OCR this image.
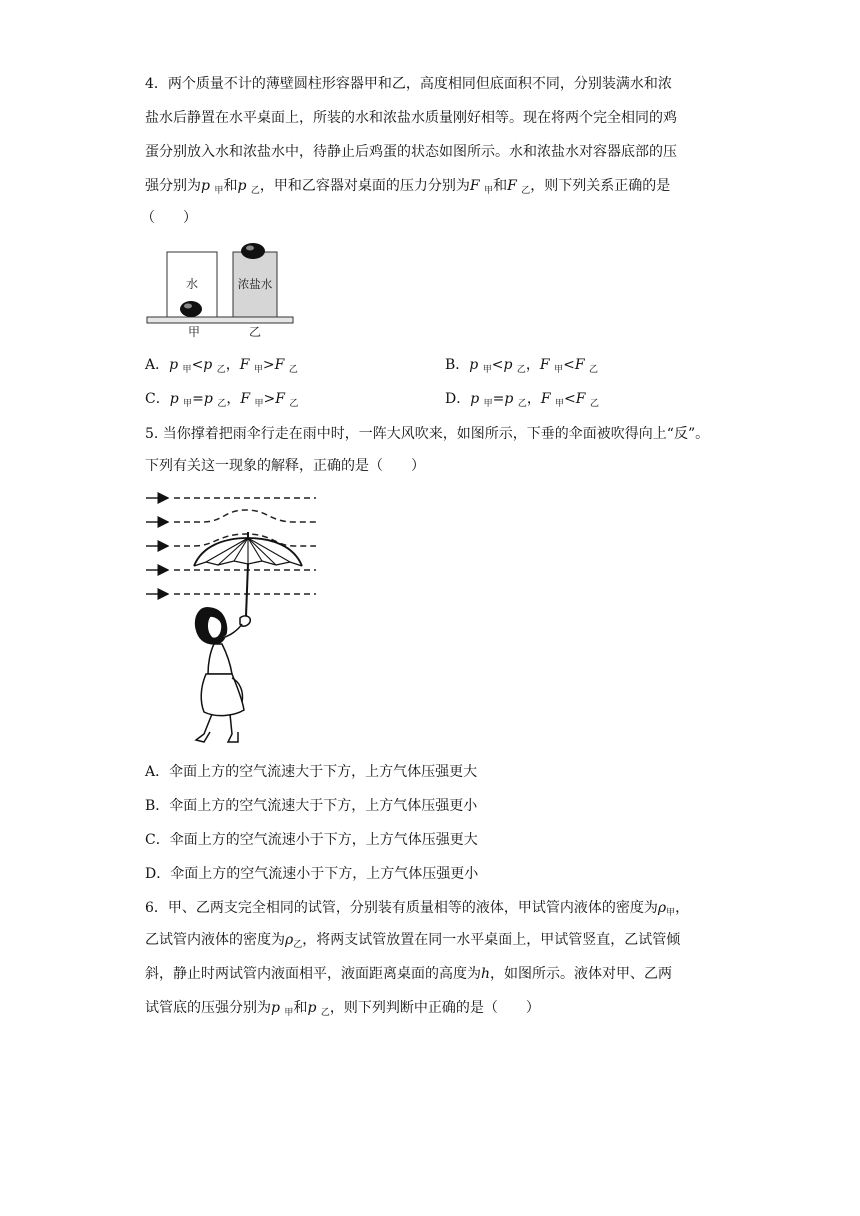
4．两个质量不计的薄壁圆柱形容器甲和乙，高度相同但底面积不同，分别装满水和浓
盐水后静置在水平桌面上，所装的水和浓盐水质量刚好相等。现在将两个完全相同的鸡
蛋分别放入水和浓盐水中，待静止后鸡蛋的状态如图所示。水和浓盐水对容器底部的压
强分别为p $_甲$和p $_乙$，甲和乙容器对桌面的压力分别为F $_甲$和F $_乙$，则下列关系正确的是
（　　）
水	浓盐水
甲	乙
A．p $_甲$<p $_乙$，F $_甲$>F $_乙$	B．p $_甲$<p $_乙$，F $_甲$<F $_乙$
C．p $_甲$=p $_乙$，F $_甲$>F $_乙$	D．p $_甲$=p $_乙$，F $_甲$<F $_乙$
5. 当你撑着把雨伞行走在雨中时，一阵大风吹来，如图所示，下垂的伞面被吹得向上“反”。
下列有关这一现象的解释，正确的是（　　）
A．伞面上方的空气流速大于下方，上方气体压强更大
B．伞面上方的空气流速大于下方，上方气体压强更小
C．伞面上方的空气流速小于下方，上方气体压强更大
D．伞面上方的空气流速小于下方，上方气体压强更小
6．甲、乙两支完全相同的试管，分别装有质量相等的液体，甲试管内液体的密度为$\rho_甲$，
乙试管内液体的密度为$\rho_乙$，将两支试管放置在同一水平桌面上，甲试管竖直，乙试管倾
斜，静止时两试管内液面相平，液面距离桌面的高度为h，如图所示。液体对甲、乙两
试管底的压强分别为p $_甲$和p $_乙$，则下列判断中正确的是（　　）
